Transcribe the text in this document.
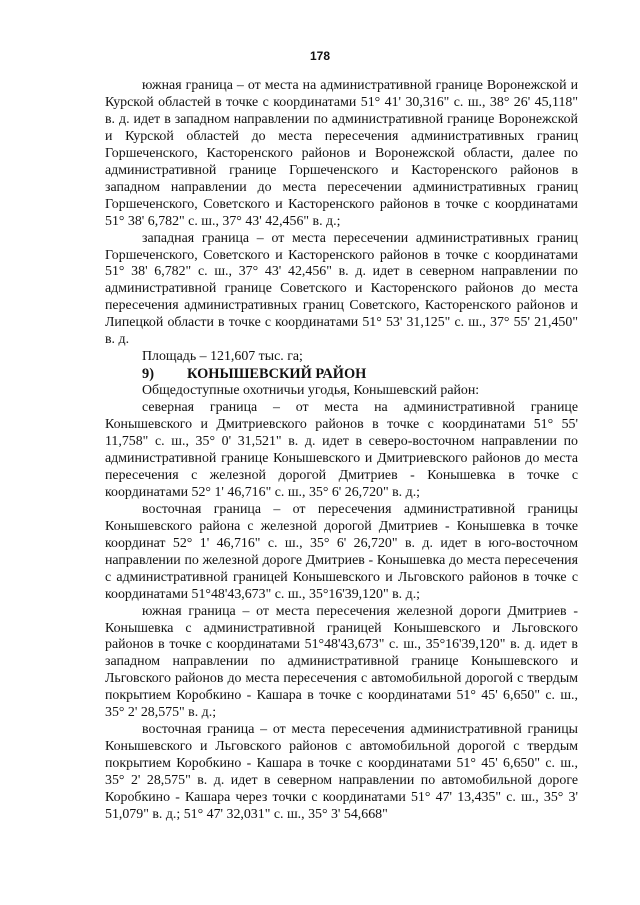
178

южная граница – от места на административной границе Воронежской и Курской областей в точке с координатами 51° 41' 30,316" с. ш., 38° 26' 45,118" в. д. идет в западном направлении по административной границе Воронежской и Курской областей до места пересечения административных границ Горшеченского, Касторенского районов и Воронежской области, далее по административной границе Горшеченского и Касторенского районов в западном направлении до места пересечении административных границ Горшеченского, Советского и Касторенского районов в точке с координатами 51° 38' 6,782" с. ш., 37° 43' 42,456" в. д.;

западная граница – от места пересечении административных границ Горшеченского, Советского и Касторенского районов в точке с координатами 51° 38' 6,782" с. ш., 37° 43' 42,456" в. д. идет в северном направлении по административной границе Советского и Касторенского районов до места пересечения административных границ Советского, Касторенского районов и Липецкой области в точке с координатами 51° 53' 31,125" с. ш., 37° 55' 21,450" в. д.

Площадь – 121,607 тыс. га;

9)	КОНЫШЕВСКИЙ РАЙОН

Общедоступные охотничьи угодья, Конышевский район:

северная граница – от места на административной границе Конышевского и Дмитриевского районов в точке с координатами 51° 55' 11,758" с. ш., 35° 0' 31,521" в. д. идет в северо-восточном направлении по административной границе Конышевского и Дмитриевского районов до места пересечения с железной дорогой Дмитриев - Конышевка в точке с координатами 52° 1' 46,716" с. ш., 35° 6' 26,720" в. д.;

восточная граница – от пересечения административной границы Конышевского района с железной дорогой Дмитриев - Конышевка в точке координат 52° 1' 46,716" с. ш., 35° 6' 26,720" в. д. идет в юго-восточном направлении по железной дороге Дмитриев - Конышевка до места пересечения с административной границей Конышевского и Льговского районов в точке с координатами 51°48'43,673" с. ш., 35°16'39,120" в. д.;

южная граница – от места пересечения железной дороги Дмитриев - Конышевка с административной границей Конышевского и Льговского районов в точке с координатами 51°48'43,673" с. ш., 35°16'39,120" в. д. идет в западном направлении по административной границе Конышевского и Льговского районов до места пересечения с автомобильной дорогой с твердым покрытием Коробкино - Кашара в точке с координатами 51° 45' 6,650" с. ш., 35° 2' 28,575" в. д.;

восточная граница – от места пересечения административной границы Конышевского и Льговского районов с автомобильной дорогой с твердым покрытием Коробкино - Кашара в точке с координатами 51° 45' 6,650" с. ш., 35° 2' 28,575" в. д. идет в северном направлении по автомобильной дороге Коробкино - Кашара через точки с координатами 51° 47' 13,435" с. ш., 35° 3' 51,079" в. д.; 51° 47' 32,031" с. ш., 35° 3' 54,668"
